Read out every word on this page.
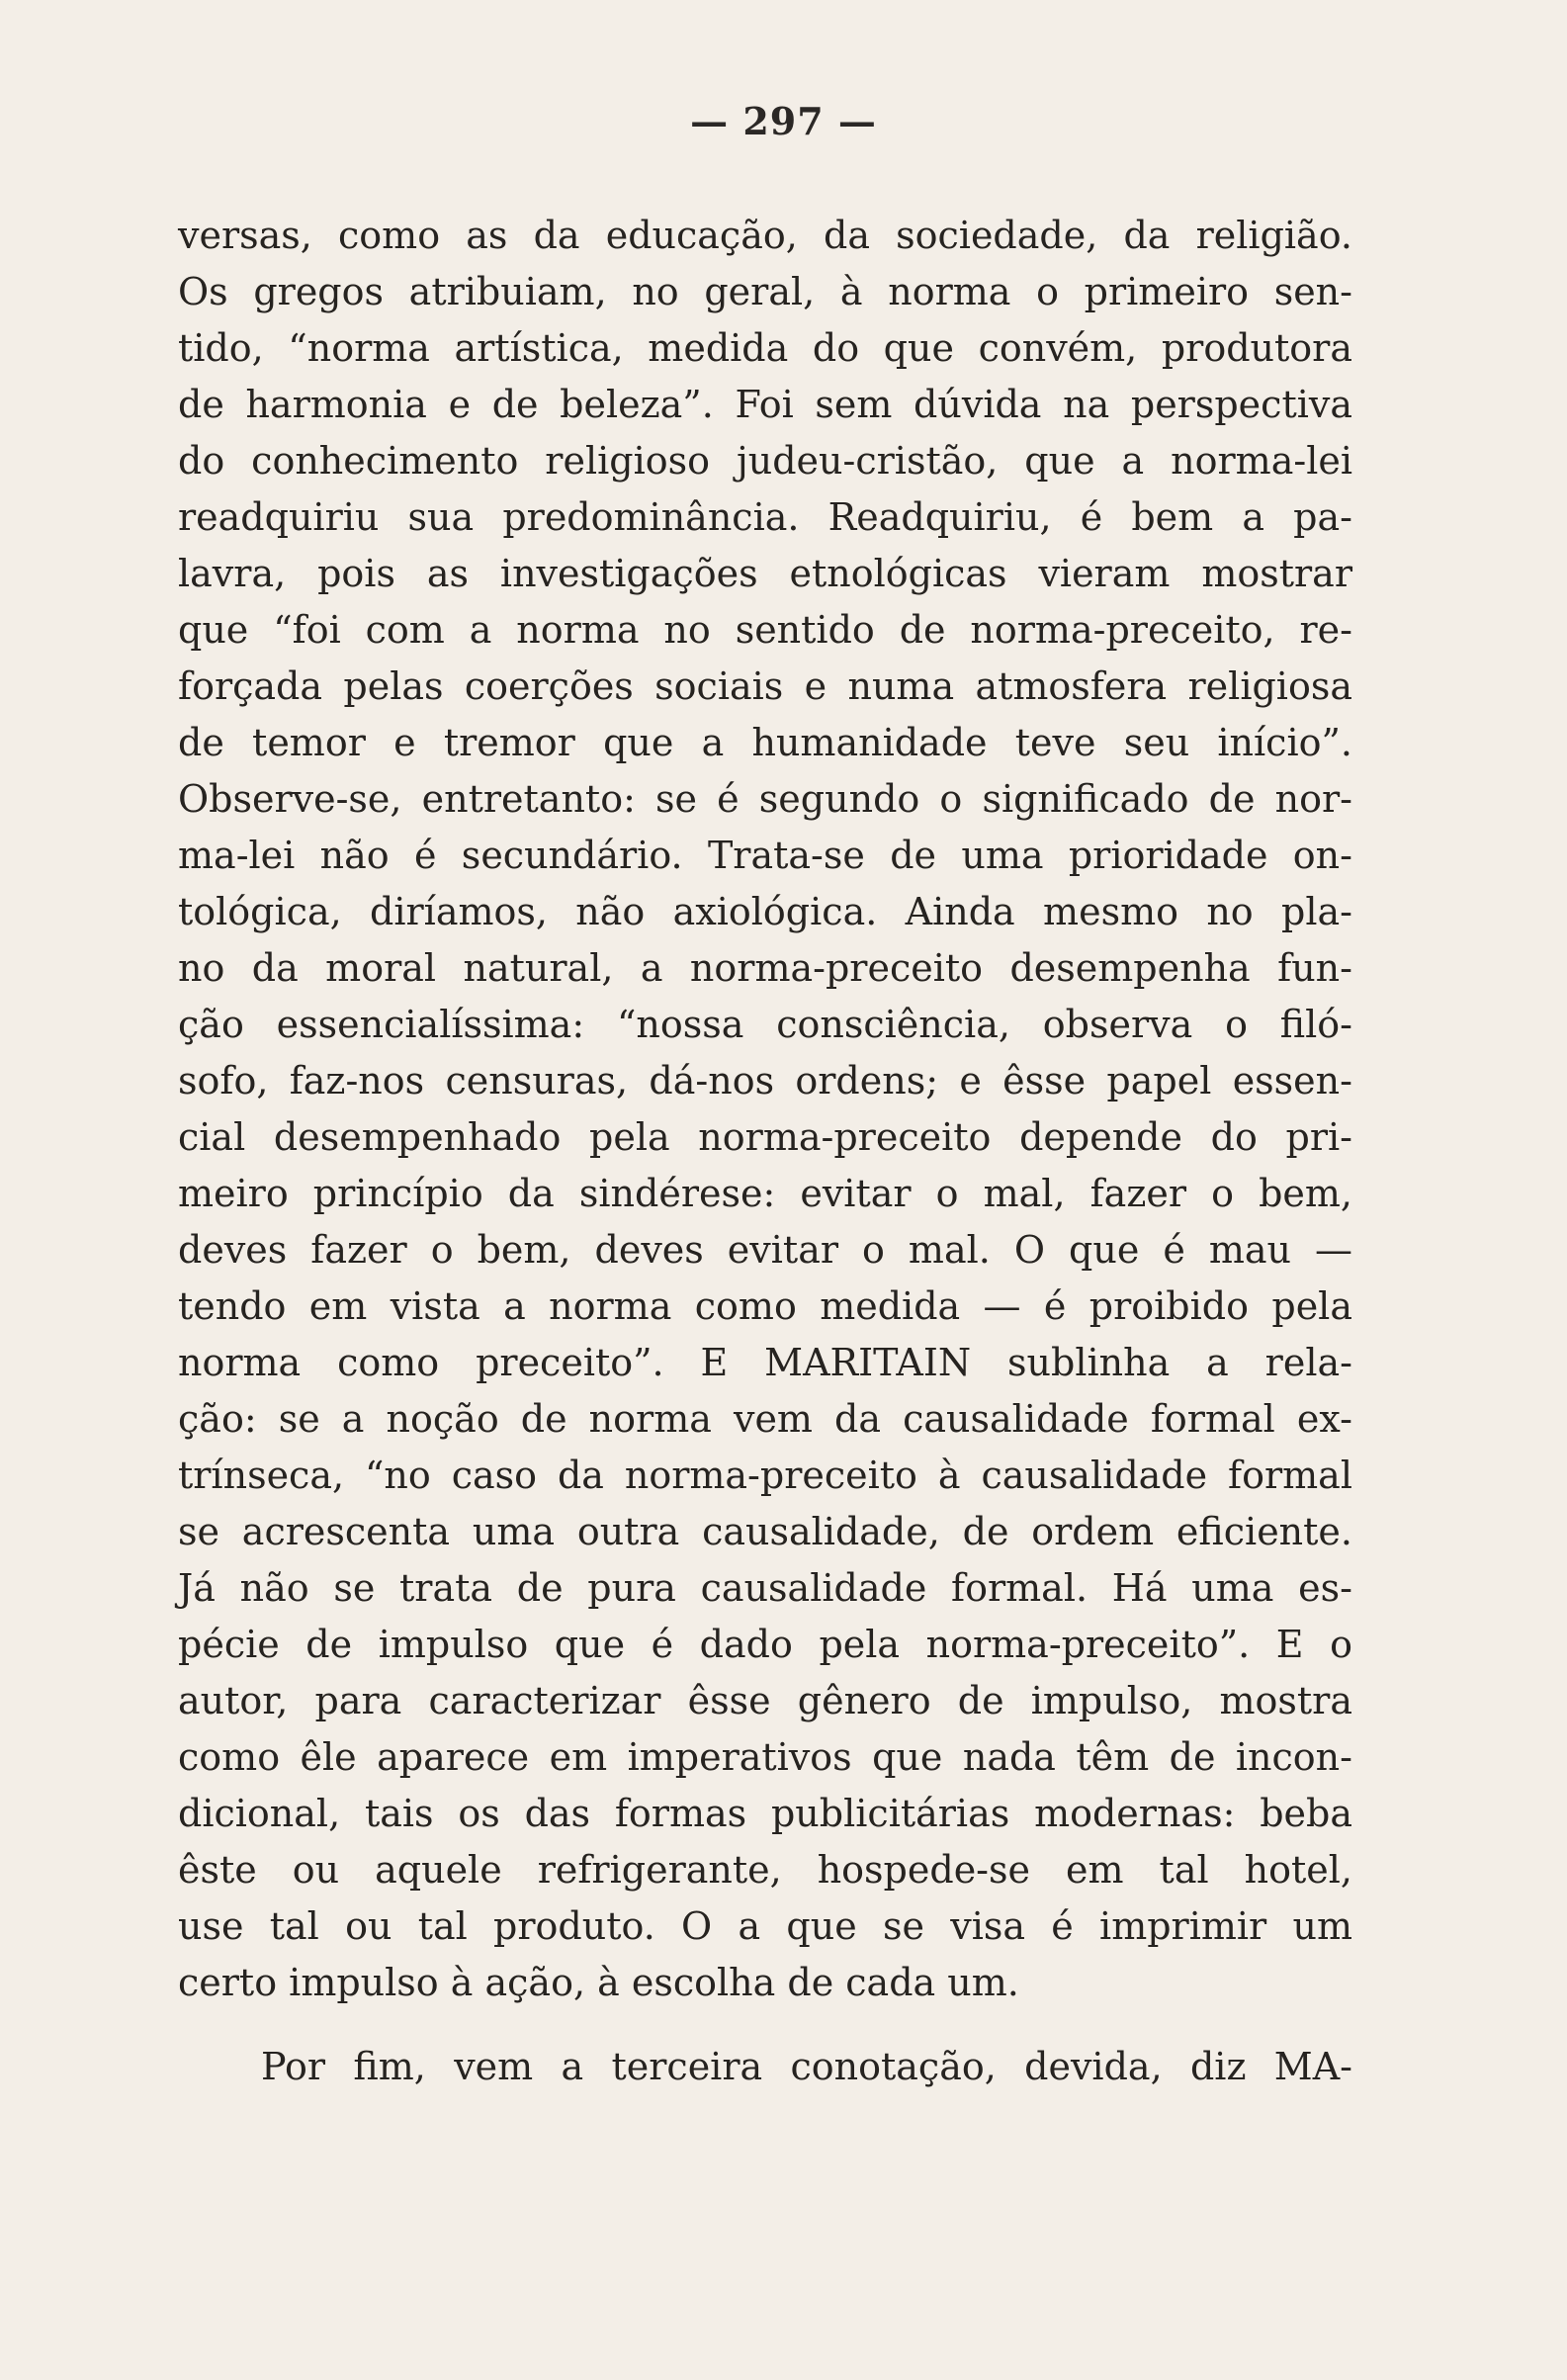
— 297 —
versas, como as da educação, da sociedade, da religião.
Os gregos atribuiam, no geral, à norma o primeiro sen-
tido, “norma artística, medida do que convém, produtora
de harmonia e de beleza”. Foi sem dúvida na perspectiva
do conhecimento religioso judeu-cristão, que a norma-lei
readquiriu sua predominância. Readquiriu, é bem a pa-
lavra, pois as investigações etnológicas vieram mostrar
que “foi com a norma no sentido de norma-preceito, re-
forçada pelas coerções sociais e numa atmosfera religiosa
de temor e tremor que a humanidade teve seu início”.
Observe-se, entretanto: se é segundo o significado de nor-
ma-lei não é secundário. Trata-se de uma prioridade on-
tológica, diríamos, não axiológica. Ainda mesmo no pla-
no da moral natural, a norma-preceito desempenha fun-
ção essencialíssima: “nossa consciência, observa o filó-
sofo, faz-nos censuras, dá-nos ordens; e êsse papel essen-
cial desempenhado pela norma-preceito depende do pri-
meiro princípio da sindérese: evitar o mal, fazer o bem,
deves fazer o bem, deves evitar o mal. O que é mau —
tendo em vista a norma como medida — é proibido pela
norma como preceito”. E MARITAIN sublinha a rela-
ção: se a noção de norma vem da causalidade formal ex-
trínseca, “no caso da norma-preceito à causalidade formal
se acrescenta uma outra causalidade, de ordem eficiente.
Já não se trata de pura causalidade formal. Há uma es-
pécie de impulso que é dado pela norma-preceito”. E o
autor, para caracterizar êsse gênero de impulso, mostra
como êle aparece em imperativos que nada têm de incon-
dicional, tais os das formas publicitárias modernas: beba
êste ou aquele refrigerante, hospede-se em tal hotel,
use tal ou tal produto. O a que se visa é imprimir um
certo impulso à ação, à escolha de cada um.
Por fim, vem a terceira conotação, devida, diz MA-
